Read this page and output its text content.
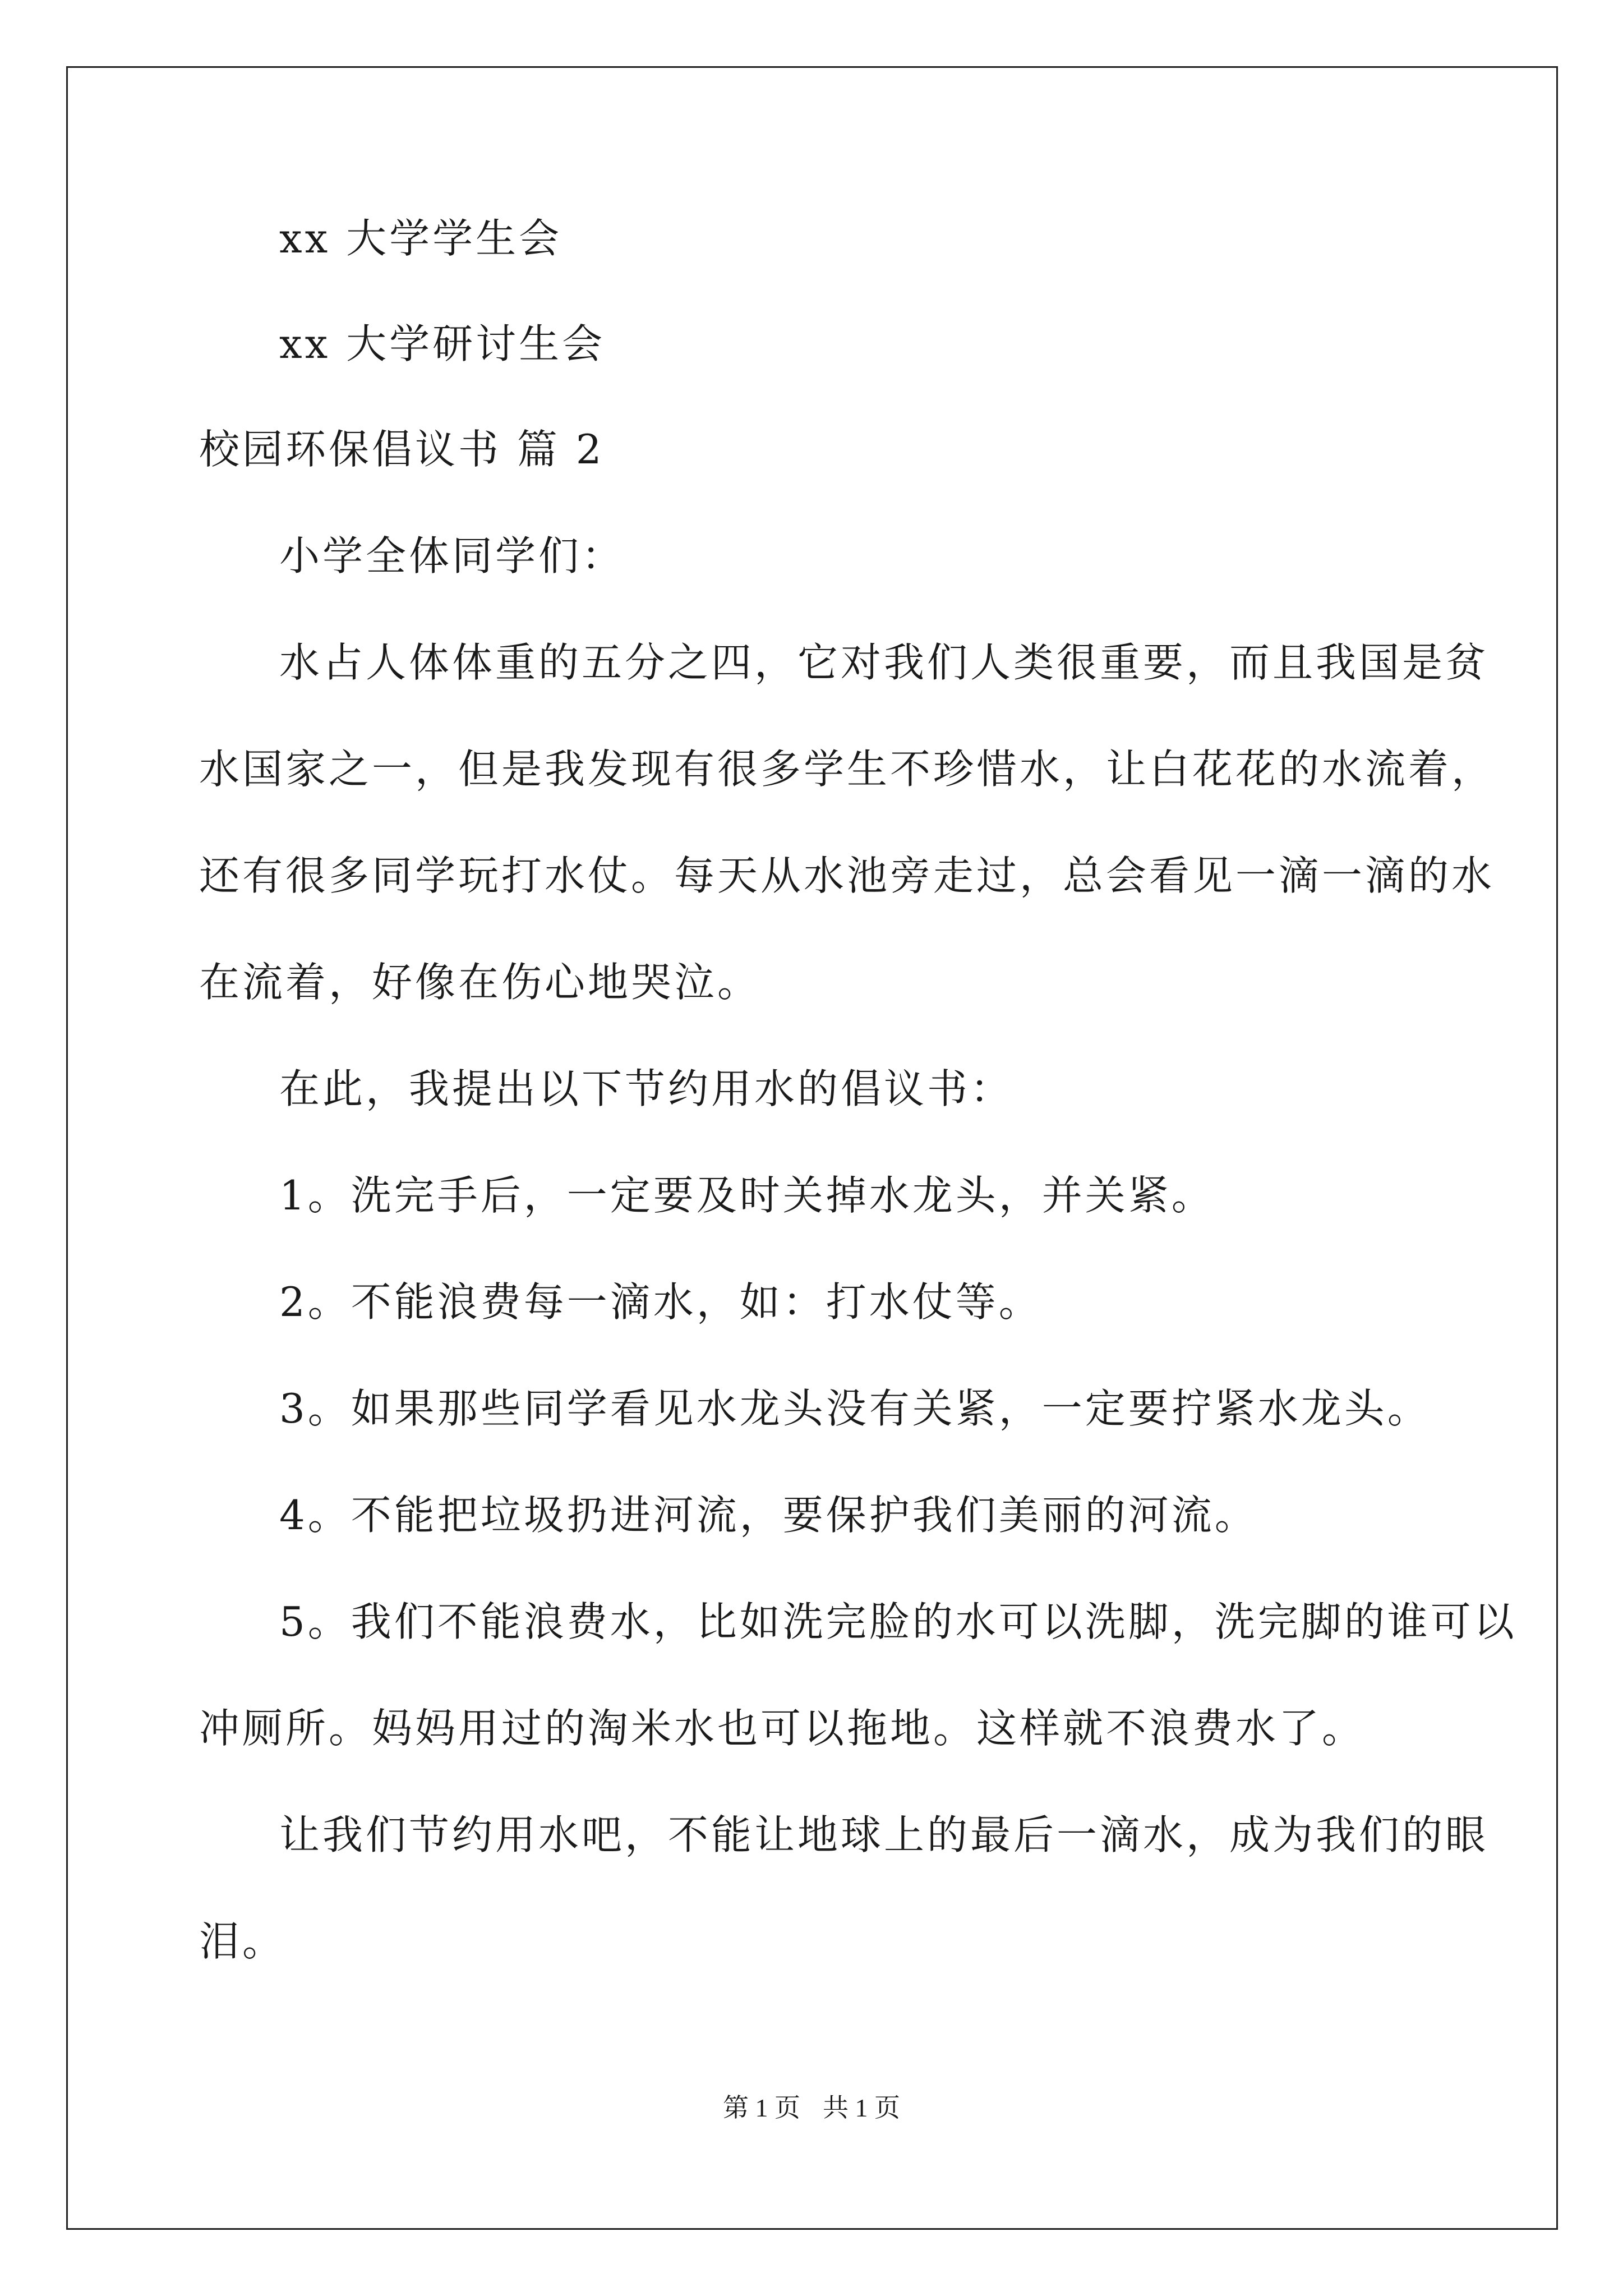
xx 大学学生会
xx 大学研讨生会
校园环保倡议书 篇 2
小学全体同学们：
水占人体体重的五分之四，它对我们人类很重要，而且我国是贫
水国家之一，但是我发现有很多学生不珍惜水，让白花花的水流着，
还有很多同学玩打水仗。每天从水池旁走过，总会看见一滴一滴的水
在流着，好像在伤心地哭泣。
在此，我提出以下节约用水的倡议书：
1。洗完手后，一定要及时关掉水龙头，并关紧。
2。不能浪费每一滴水，如：打水仗等。
3。如果那些同学看见水龙头没有关紧，一定要拧紧水龙头。
4。不能把垃圾扔进河流，要保护我们美丽的河流。
5。我们不能浪费水，比如洗完脸的水可以洗脚，洗完脚的谁可以
冲厕所。妈妈用过的淘米水也可以拖地。这样就不浪费水了。
让我们节约用水吧，不能让地球上的最后一滴水，成为我们的眼
泪。
第 1 页 共 1 页
